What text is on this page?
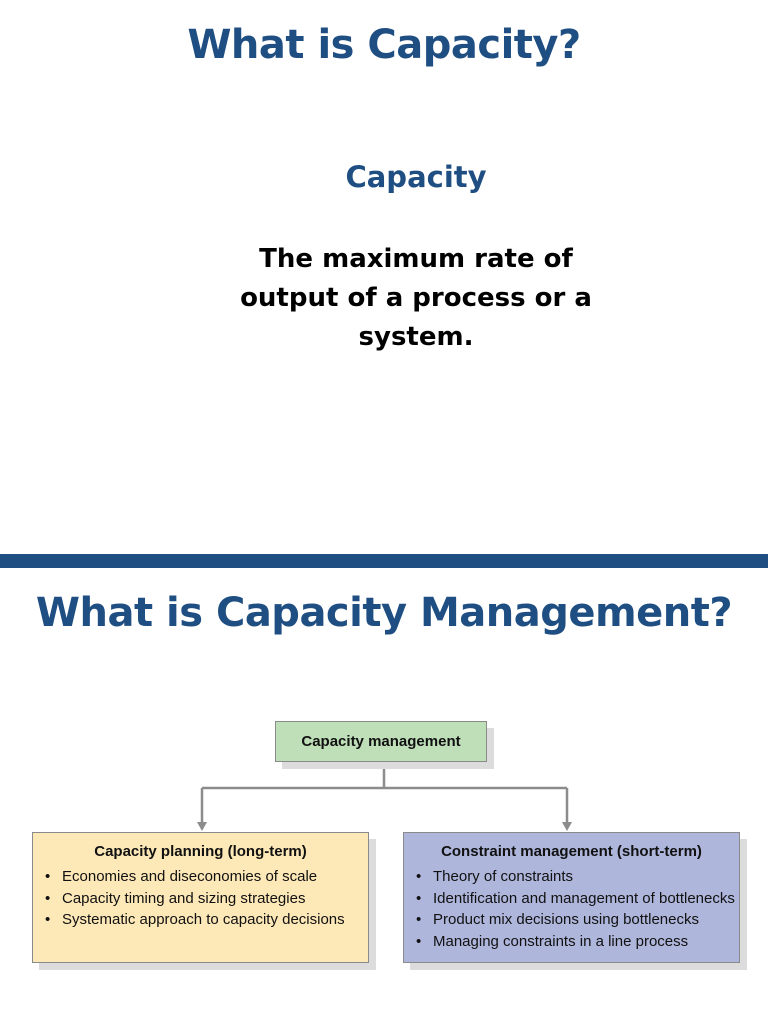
What is Capacity?
Capacity
The maximum rate of output of a process or a system.
What is Capacity Management?
Capacity management
Capacity planning (long-term)
• Economies and diseconomies of scale
• Capacity timing and sizing strategies
• Systematic approach to capacity decisions
Constraint management (short-term)
• Theory of constraints
• Identification and management of bottlenecks
• Product mix decisions using bottlenecks
• Managing constraints in a line process
